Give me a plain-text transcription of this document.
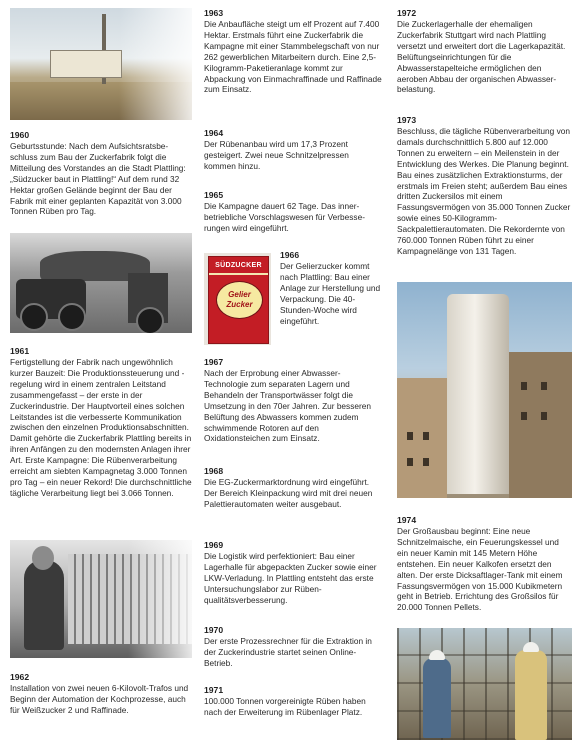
1960
Geburtsstunde: Nach dem Aufsichtsratsbeschluss zum Bau der Zuckerfabrik folgt die Mitteilung des Vorstandes an die Stadt Plattling: „Südzucker baut in Plattling!“ Auf dem rund 32 Hektar großen Gelände beginnt der Bau der Fabrik mit einer geplanten Kapazität von 3.000 Tonnen Rüben pro Tag.
1961
Fertigstellung der Fabrik nach ungewöhnlich kurzer Bauzeit: Die Produktionssteuerung und -regelung wird in einem zentralen Leitstand zusammengefasst – der erste in der Zuckerindustrie. Der Hauptvorteil eines solchen Leitstandes ist die verbesserte Kommunikation zwischen den einzelnen Produktionsabschnitten. Damit gehörte die Zuckerfabrik Plattling bereits in ihren Anfängen zu den modernsten Anlagen ihrer Art. Erste Kampagne: Die Rübenverarbeitung erreicht am siebten Kampagnetag 3.000 Tonnen pro Tag – ein neuer Rekord! Die durchschnittliche tägliche Verarbeitung liegt bei 3.066 Tonnen.
1962
Installation von zwei neuen 6-Kilovolt-Trafos und Beginn der Automation der Kochprozesse, auch für Weißzucker 2 und Raffinade.
1963
Die Anbaufläche steigt um elf Prozent auf 7.400 Hektar. Erstmals führt eine Zuckerfabrik die Kampagne mit einer Stammbelegschaft von nur 262 gewerblichen Mitarbeitern durch. Eine 2,5-Kilogramm-Paketieranlage kommt zur Abpackung von Einmachraffinade und Raffinade zum Einsatz.
1964
Der Rübenanbau wird um 17,3 Prozent gesteigert. Zwei neue Schnitzelpressen kommen hinzu.
1965
Die Kampagne dauert 62 Tage. Das innerbetriebliche Vorschlagswesen für Verbesserungen wird eingeführt.
SÜDZUCKER
Gelier
Zucker
1966
Der Gelierzucker kommt nach Plattling: Bau einer Anlage zur Herstellung und Verpackung. Die 40-Stunden-Woche wird eingeführt.
1967
Nach der Erprobung einer Abwasser-Technologie zum separaten Lagern und Behandeln der Transportwässer folgt die Umsetzung in den 70er Jahren. Zur besseren Belüftung des Abwassers kommen zudem schwimmende Rotoren auf den Oxidationsteichen zum Einsatz.
1968
Die EG-Zuckermarktordnung wird eingeführt. Der Bereich Kleinpackung wird mit drei neuen Palettierautomaten weiter ausgebaut.
1969
Die Logistik wird perfektioniert: Bau einer Lagerhalle für abgepackten Zucker sowie einer LKW-Verladung. In Plattling entsteht das erste Untersuchungslabor zur Rübenqualitätsverbesserung.
1970
Der erste Prozessrechner für die Extraktion in der Zuckerindustrie startet seinen Online-Betrieb.
1971
100.000 Tonnen vorgereinigte Rüben haben nach der Erweiterung im Rübenlager Platz.
1972
Die Zuckerlagerhalle der ehemaligen Zuckerfabrik Stuttgart wird nach Plattling versetzt und erweitert dort die Lagerkapazität. Belüftungseinrichtungen für die Abwasserstapelteiche ermöglichen den aeroben Abbau der organischen Abwasserbelastung.
1973
Beschluss, die tägliche Rübenverarbeitung von damals durchschnittlich 5.800 auf 12.000 Tonnen zu erweitern – ein Meilenstein in der Entwicklung des Werkes. Die Planung beginnt. Bau eines zusätzlichen Extraktionsturms, der erstmals im Freien steht; außerdem Bau eines dritten Zuckersilos mit einem Fassungsvermögen von 35.000 Tonnen Zucker sowie eines 50-Kilogramm-Sackpalettierautomaten. Die Rekordernte von 760.000 Tonnen Rüben führt zu einer Kampagnelänge von 131 Tagen.
1974
Der Großausbau beginnt: Eine neue Schnitzelmaische, ein Feuerungskessel und ein neuer Kamin mit 145 Metern Höhe entstehen. Ein neuer Kalkofen ersetzt den alten. Der erste Dicksaftlager-Tank mit einem Fassungsvermögen von 15.000 Kubikmetern geht in Betrieb. Errichtung des Großsilos für 20.000 Tonnen Pellets.
